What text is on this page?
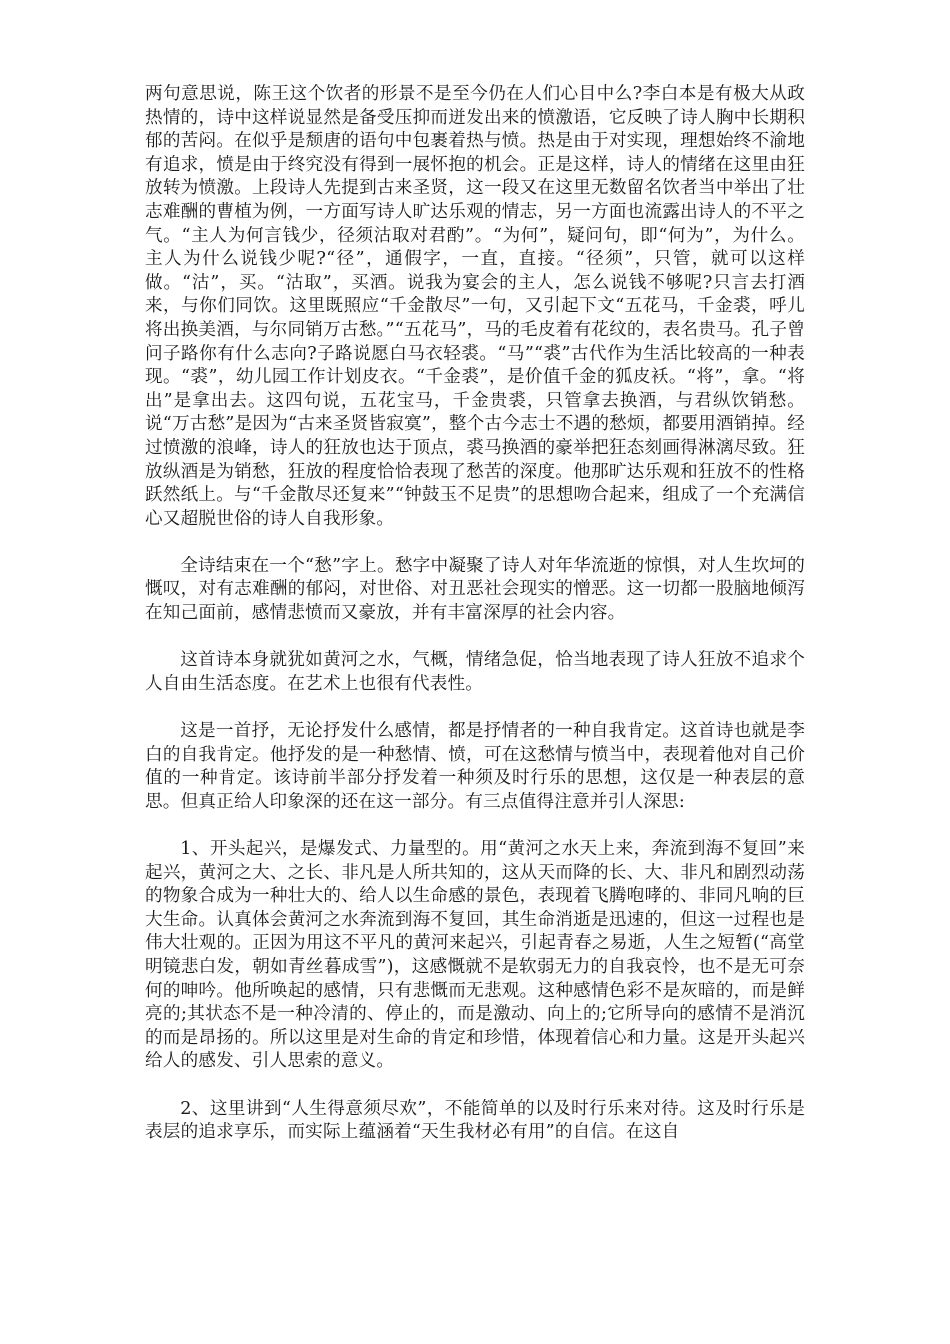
两句意思说，陈王这个饮者的形景不是至今仍在人们心目中么?李白本是有极大从政热情的，诗中这样说显然是备受压抑而迸发出来的愤激语，它反映了诗人胸中长期积郁的苦闷。在似乎是颓唐的语句中包裹着热与愤。热是由于对实现，理想始终不渝地有追求，愤是由于终究没有得到一展怀抱的机会。正是这样，诗人的情绪在这里由狂放转为愤激。上段诗人先提到古来圣贤，这一段又在这里无数留名饮者当中举出了壮志难酬的曹植为例，一方面写诗人旷达乐观的情志，另一方面也流露出诗人的不平之气。“主人为何言钱少，径须沽取对君酌”。“为何”，疑问句，即“何为”，为什么。主人为什么说钱少呢?“径”，通假字，一直，直接。“径须”，只管，就可以这样做。“沽”，买。“沽取”，买酒。说我为宴会的主人，怎么说钱不够呢?只言去打酒来，与你们同饮。这里既照应“千金散尽”一句，又引起下文“五花马，千金裘，呼儿将出换美酒，与尔同销万古愁。”“五花马”，马的毛皮着有花纹的，表名贵马。孔子曾问子路你有什么志向?子路说愿白马衣轻裘。“马”“裘”古代作为生活比较高的一种表现。“裘”，幼儿园工作计划皮衣。“千金裘”，是价值千金的狐皮袄。“将”，拿。“将出”是拿出去。这四句说，五花宝马，千金贵裘，只管拿去换酒，与君纵饮销愁。说“万古愁”是因为“古来圣贤皆寂寞”，整个古今志士不遇的愁烦，都要用酒销掉。经过愤激的浪峰，诗人的狂放也达于顶点，裘马换酒的豪举把狂态刻画得淋漓尽致。狂放纵酒是为销愁，狂放的程度恰恰表现了愁苦的深度。他那旷达乐观和狂放不的性格跃然纸上。与“千金散尽还复来”“钟鼓玉不足贵”的思想吻合起来，组成了一个充满信心又超脱世俗的诗人自我形象。

全诗结束在一个“愁”字上。愁字中凝聚了诗人对年华流逝的惊惧，对人生坎坷的慨叹，对有志难酬的郁闷，对世俗、对丑恶社会现实的憎恶。这一切都一股脑地倾泻在知己面前，感情悲愤而又豪放，并有丰富深厚的社会内容。

这首诗本身就犹如黄河之水，气概，情绪急促，恰当地表现了诗人狂放不追求个人自由生活态度。在艺术上也很有代表性。

这是一首抒，无论抒发什么感情，都是抒情者的一种自我肯定。这首诗也就是李白的自我肯定。他抒发的是一种愁情、愤，可在这愁情与愤当中，表现着他对自己价值的一种肯定。该诗前半部分抒发着一种须及时行乐的思想，这仅是一种表层的意思。但真正给人印象深的还在这一部分。有三点值得注意并引人深思:

1、开头起兴，是爆发式、力量型的。用“黄河之水天上来，奔流到海不复回”来起兴，黄河之大、之长、非凡是人所共知的，这从天而降的长、大、非凡和剧烈动荡的物象合成为一种壮大的、给人以生命感的景色，表现着飞腾咆哮的、非同凡响的巨大生命。认真体会黄河之水奔流到海不复回，其生命消逝是迅速的，但这一过程也是伟大壮观的。正因为用这不平凡的黄河来起兴，引起青春之易逝，人生之短暂(“高堂明镜悲白发，朝如青丝暮成雪”)，这感慨就不是软弱无力的自我哀怜，也不是无可奈何的呻吟。他所唤起的感情，只有悲慨而无悲观。这种感情色彩不是灰暗的，而是鲜亮的;其状态不是一种冷清的、停止的，而是激动、向上的;它所导向的感情不是消沉的而是昂扬的。所以这里是对生命的肯定和珍惜，体现着信心和力量。这是开头起兴给人的感发、引人思索的意义。

2、这里讲到“人生得意须尽欢”，不能简单的以及时行乐来对待。这及时行乐是表层的追求享乐，而实际上蕴涵着“天生我材必有用”的自信。在这自
